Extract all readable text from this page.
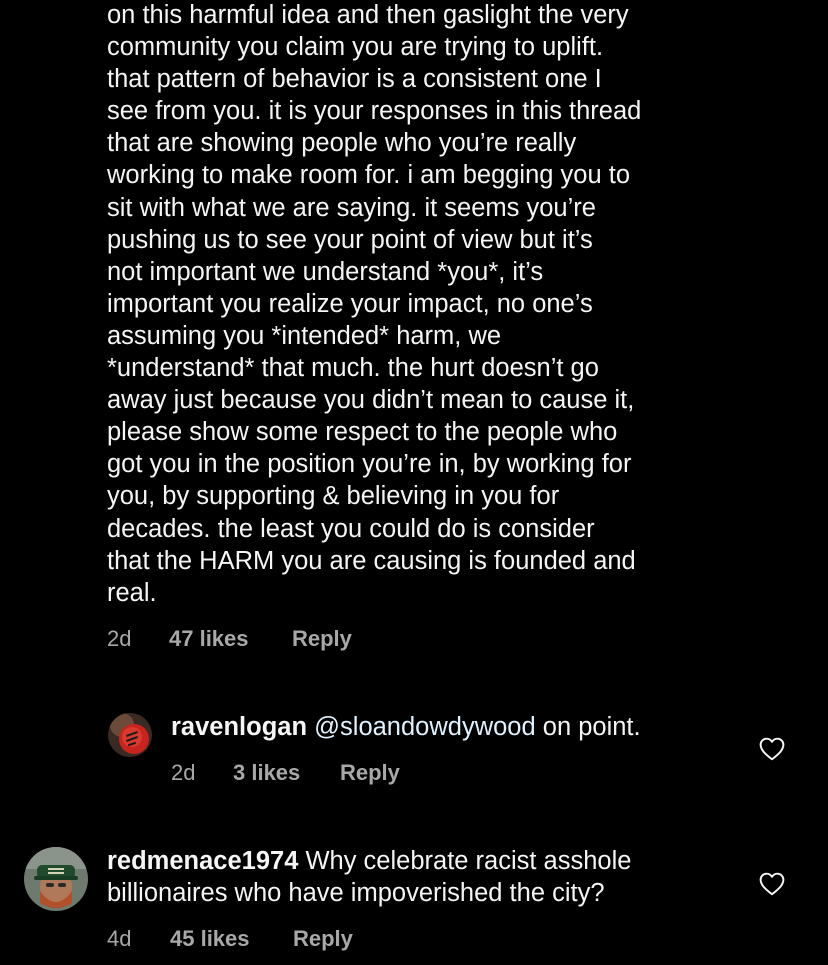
on this harmful idea and then gaslight the very
community you claim you are trying to uplift.
that pattern of behavior is a consistent one I
see from you. it is your responses in this thread
that are showing people who you’re really
working to make room for. i am begging you to
sit with what we are saying. it seems you’re
pushing us to see your point of view but it’s
not important we understand *you*, it’s
important you realize your impact, no one’s
assuming you *intended* harm, we
*understand* that much. the hurt doesn’t go
away just because you didn’t mean to cause it,
please show some respect to the people who
got you in the position you’re in, by working for
you, by supporting & believing in you for
decades. the least you could do is consider
that the HARM you are causing is founded and
real.
2d 47 likes Reply
ravenlogan @sloandowdywood on point.
2d 3 likes Reply
redmenace1974 Why celebrate racist asshole
billionaires who have impoverished the city?
4d 45 likes Reply
